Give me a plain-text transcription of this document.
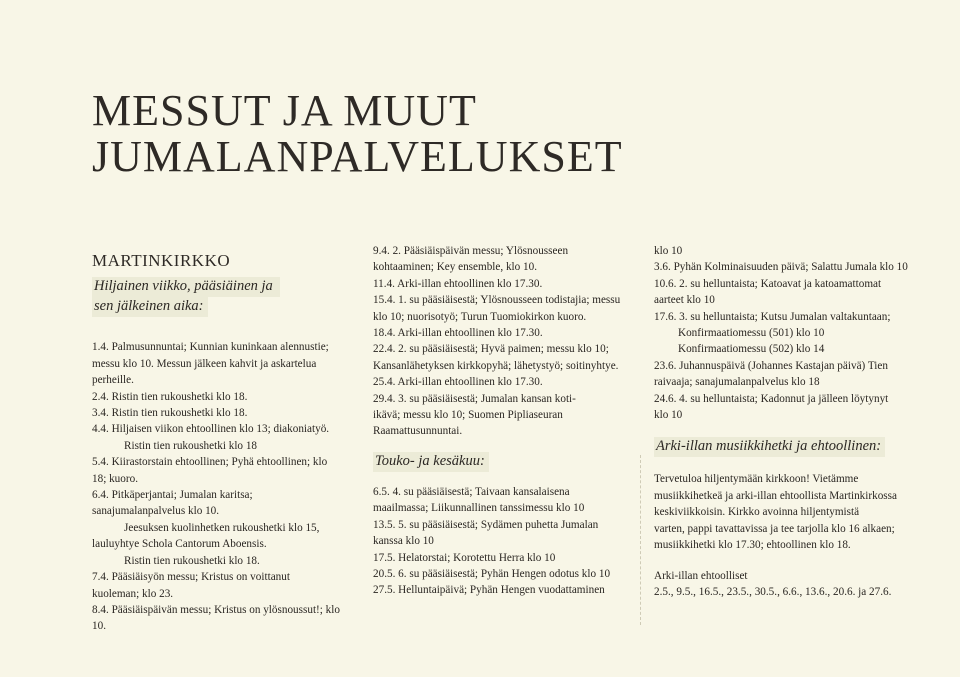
MESSUT JA MUUT
JUMALANPALVELUKSET
MARTINKIRKKO
Hiljainen viikko, pääsiäinen ja
sen jälkeinen aika:

1.4. Palmusunnuntai; Kunnian kuninkaan alennustie;

messu klo 10. Messun jälkeen kahvit ja askartelua

perheille.

2.4. Ristin tien rukoushetki klo 18.

3.4. Ristin tien rukoushetki klo 18.

4.4. Hiljaisen viikon ehtoollinen klo 13; diakoniatyö.

Ristin tien rukoushetki klo 18

5.4. Kiirastorstain ehtoollinen; Pyhä ehtoollinen; klo

18; kuoro.

6.4. Pitkäperjantai; Jumalan karitsa;

sanajumalanpalvelus klo 10.

Jeesuksen kuolinhetken rukoushetki klo 15,

lauluyhtye Schola Cantorum Aboensis.

Ristin tien rukoushetki klo 18.

7.4. Pääsiäisyön messu; Kristus on voittanut

kuoleman; klo 23.

8.4. Pääsiäispäivän messu; Kristus on ylösnoussut!; klo 10.

9.4. 2. Pääsiäispäivän messu; Ylösnousseen

kohtaaminen; Key ensemble, klo 10.

11.4. Arki-illan ehtoollinen klo 17.30.

15.4. 1. su pääsiäisestä; Ylösnousseen todistajia; messu

klo 10; nuorisotyö; Turun Tuomiokirkon kuoro.

18.4. Arki-illan ehtoollinen klo 17.30.

22.4. 2. su pääsiäisestä; Hyvä paimen; messu klo 10;

Kansanlähetyksen kirkkopyhä; lähetystyö; soitinyhtye.

25.4. Arki-illan ehtoollinen klo 17.30.

29.4. 3. su pääsiäisestä; Jumalan kansan koti-

ikävä; messu klo 10; Suomen Pipliaseuran

Raamattusunnuntai.

Touko- ja kesäkuu:

6.5. 4. su pääsiäisestä; Taivaan kansalaisena

maailmassa; Liikunnallinen tanssimessu klo 10

13.5. 5. su pääsiäisestä; Sydämen puhetta Jumalan

kanssa klo 10

17.5. Helatorstai; Korotettu Herra klo 10

20.5. 6. su pääsiäisestä; Pyhän Hengen odotus klo 10

27.5. Helluntaipäivä; Pyhän Hengen vuodattaminen

klo 10

3.6. Pyhän Kolminaisuuden päivä; Salattu Jumala klo 10

10.6. 2. su helluntaista; Katoavat ja katoamattomat

aarteet klo 10

17.6. 3. su helluntaista; Kutsu Jumalan valtakuntaan;

Konfirmaatiomessu (501) klo 10

Konfirmaatiomessu (502) klo 14

23.6. Juhannuspäivä (Johannes Kastajan päivä) Tien

raivaaja; sanajumalanpalvelus klo 18

24.6. 4. su helluntaista; Kadonnut ja jälleen löytynyt

klo 10

Arki-illan musiikkihetki ja ehtoollinen:

Tervetuloa hiljentymään kirkkoon! Vietämme

musiikkihetkeä ja arki-illan ehtoollista Martinkirkossa

keskiviikkoisin. Kirkko avoinna hiljentymistä

varten, pappi tavattavissa ja tee tarjolla klo 16 alkaen;

musiikkihetki klo 17.30; ehtoollinen klo 18.

Arki-illan ehtoolliset

2.5., 9.5., 16.5., 23.5., 30.5., 6.6., 13.6., 20.6. ja 27.6.
